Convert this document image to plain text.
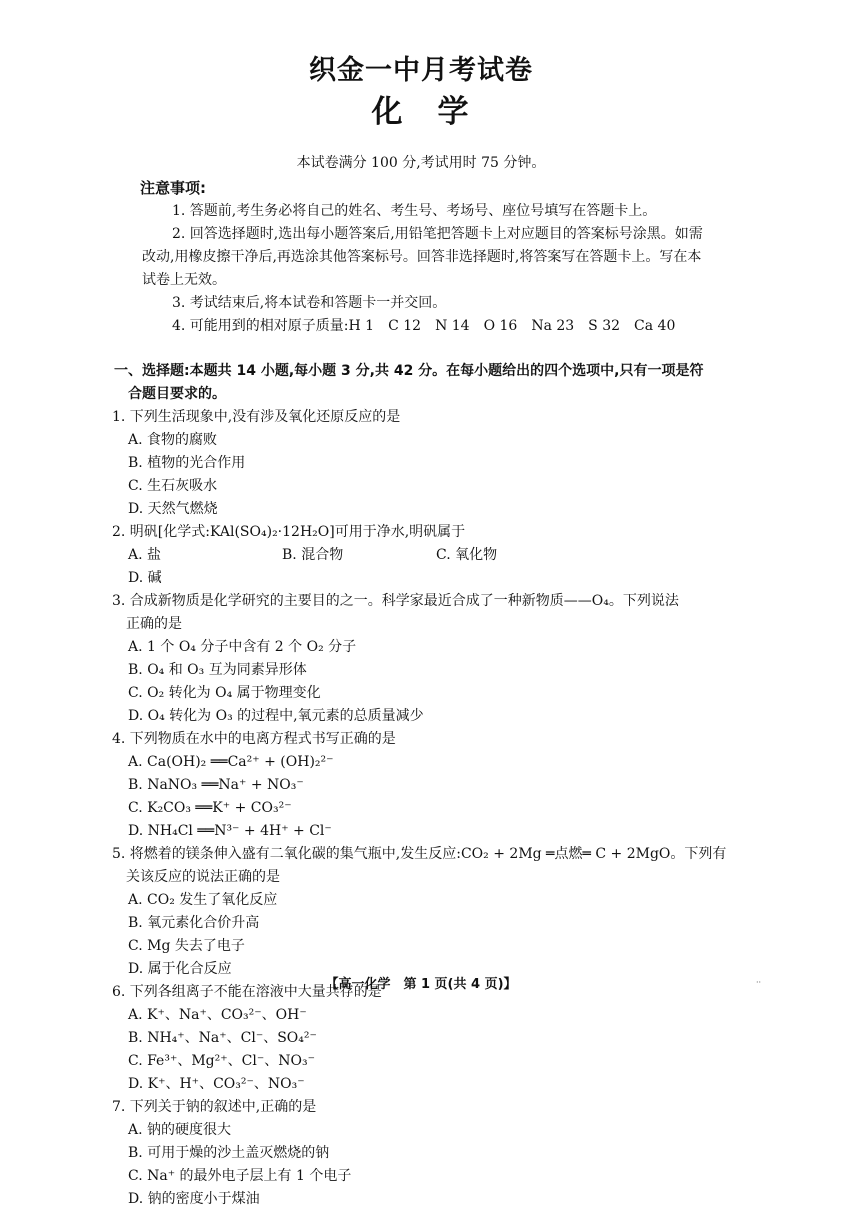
织金一中月考试卷
化　学
本试卷满分 100 分,考试用时 75 分钟。
注意事项:

1. 答题前,考生务必将自己的姓名、考生号、考场号、座位号填写在答题卡上。

2. 回答选择题时,选出每小题答案后,用铅笔把答题卡上对应题目的答案标号涂黑。如需改动,用橡皮擦干净后,再选涂其他答案标号。回答非选择题时,将答案写在答题卡上。写在本试卷上无效。

3. 考试结束后,将本试卷和答题卡一并交回。

4. 可能用到的相对原子质量:H 1　C 12　N 14　O 16　Na 23　S 32　Ca 40

一、选择题:本题共 14 小题,每小题 3 分,共 42 分。在每小题给出的四个选项中,只有一项是符
合题目要求的。
1. 下列生活现象中,没有涉及氧化还原反应的是
A. 食物的腐败
B. 植物的光合作用
C. 生石灰吸水
D. 天然气燃烧
2. 明矾[化学式:KAl(SO₄)₂·12H₂O]可用于净水,明矾属于
A. 盐	B. 混合物	C. 氧化物
D. 碱
3. 合成新物质是化学研究的主要目的之一。科学家最近合成了一种新物质——O₄。下列说法
正确的是
A. 1 个 O₄ 分子中含有 2 个 O₂ 分子
B. O₄ 和 O₃ 互为同素异形体
C. O₂ 转化为 O₄ 属于物理变化
D. O₄ 转化为 O₃ 的过程中,氧元素的总质量减少
4. 下列物质在水中的电离方程式书写正确的是
A. Ca(OH)₂ ══Ca²⁺ + (OH)₂²⁻
B. NaNO₃ ══Na⁺ + NO₃⁻
C. K₂CO₃ ══K⁺ + CO₃²⁻
D. NH₄Cl ══N³⁻ + 4H⁺ + Cl⁻
5. 将燃着的镁条伸入盛有二氧化碳的集气瓶中,发生反应:CO₂ + 2Mg ═点燃═ C + 2MgO。下列有
关该反应的说法正确的是
A. CO₂ 发生了氧化反应
B. 氧元素化合价升高
C. Mg 失去了电子
D. 属于化合反应
6. 下列各组离子不能在溶液中大量共存的是
A. K⁺、Na⁺、CO₃²⁻、OH⁻
B. NH₄⁺、Na⁺、Cl⁻、SO₄²⁻
C. Fe³⁺、Mg²⁺、Cl⁻、NO₃⁻
D. K⁺、H⁺、CO₃²⁻、NO₃⁻
7. 下列关于钠的叙述中,正确的是
A. 钠的硬度很大
B. 可用于燥的沙土盖灭燃烧的钠
C. Na⁺ 的最外电子层上有 1 个电子
D. 钠的密度小于煤油
【高一化学　第 1 页(共 4 页)】	··
